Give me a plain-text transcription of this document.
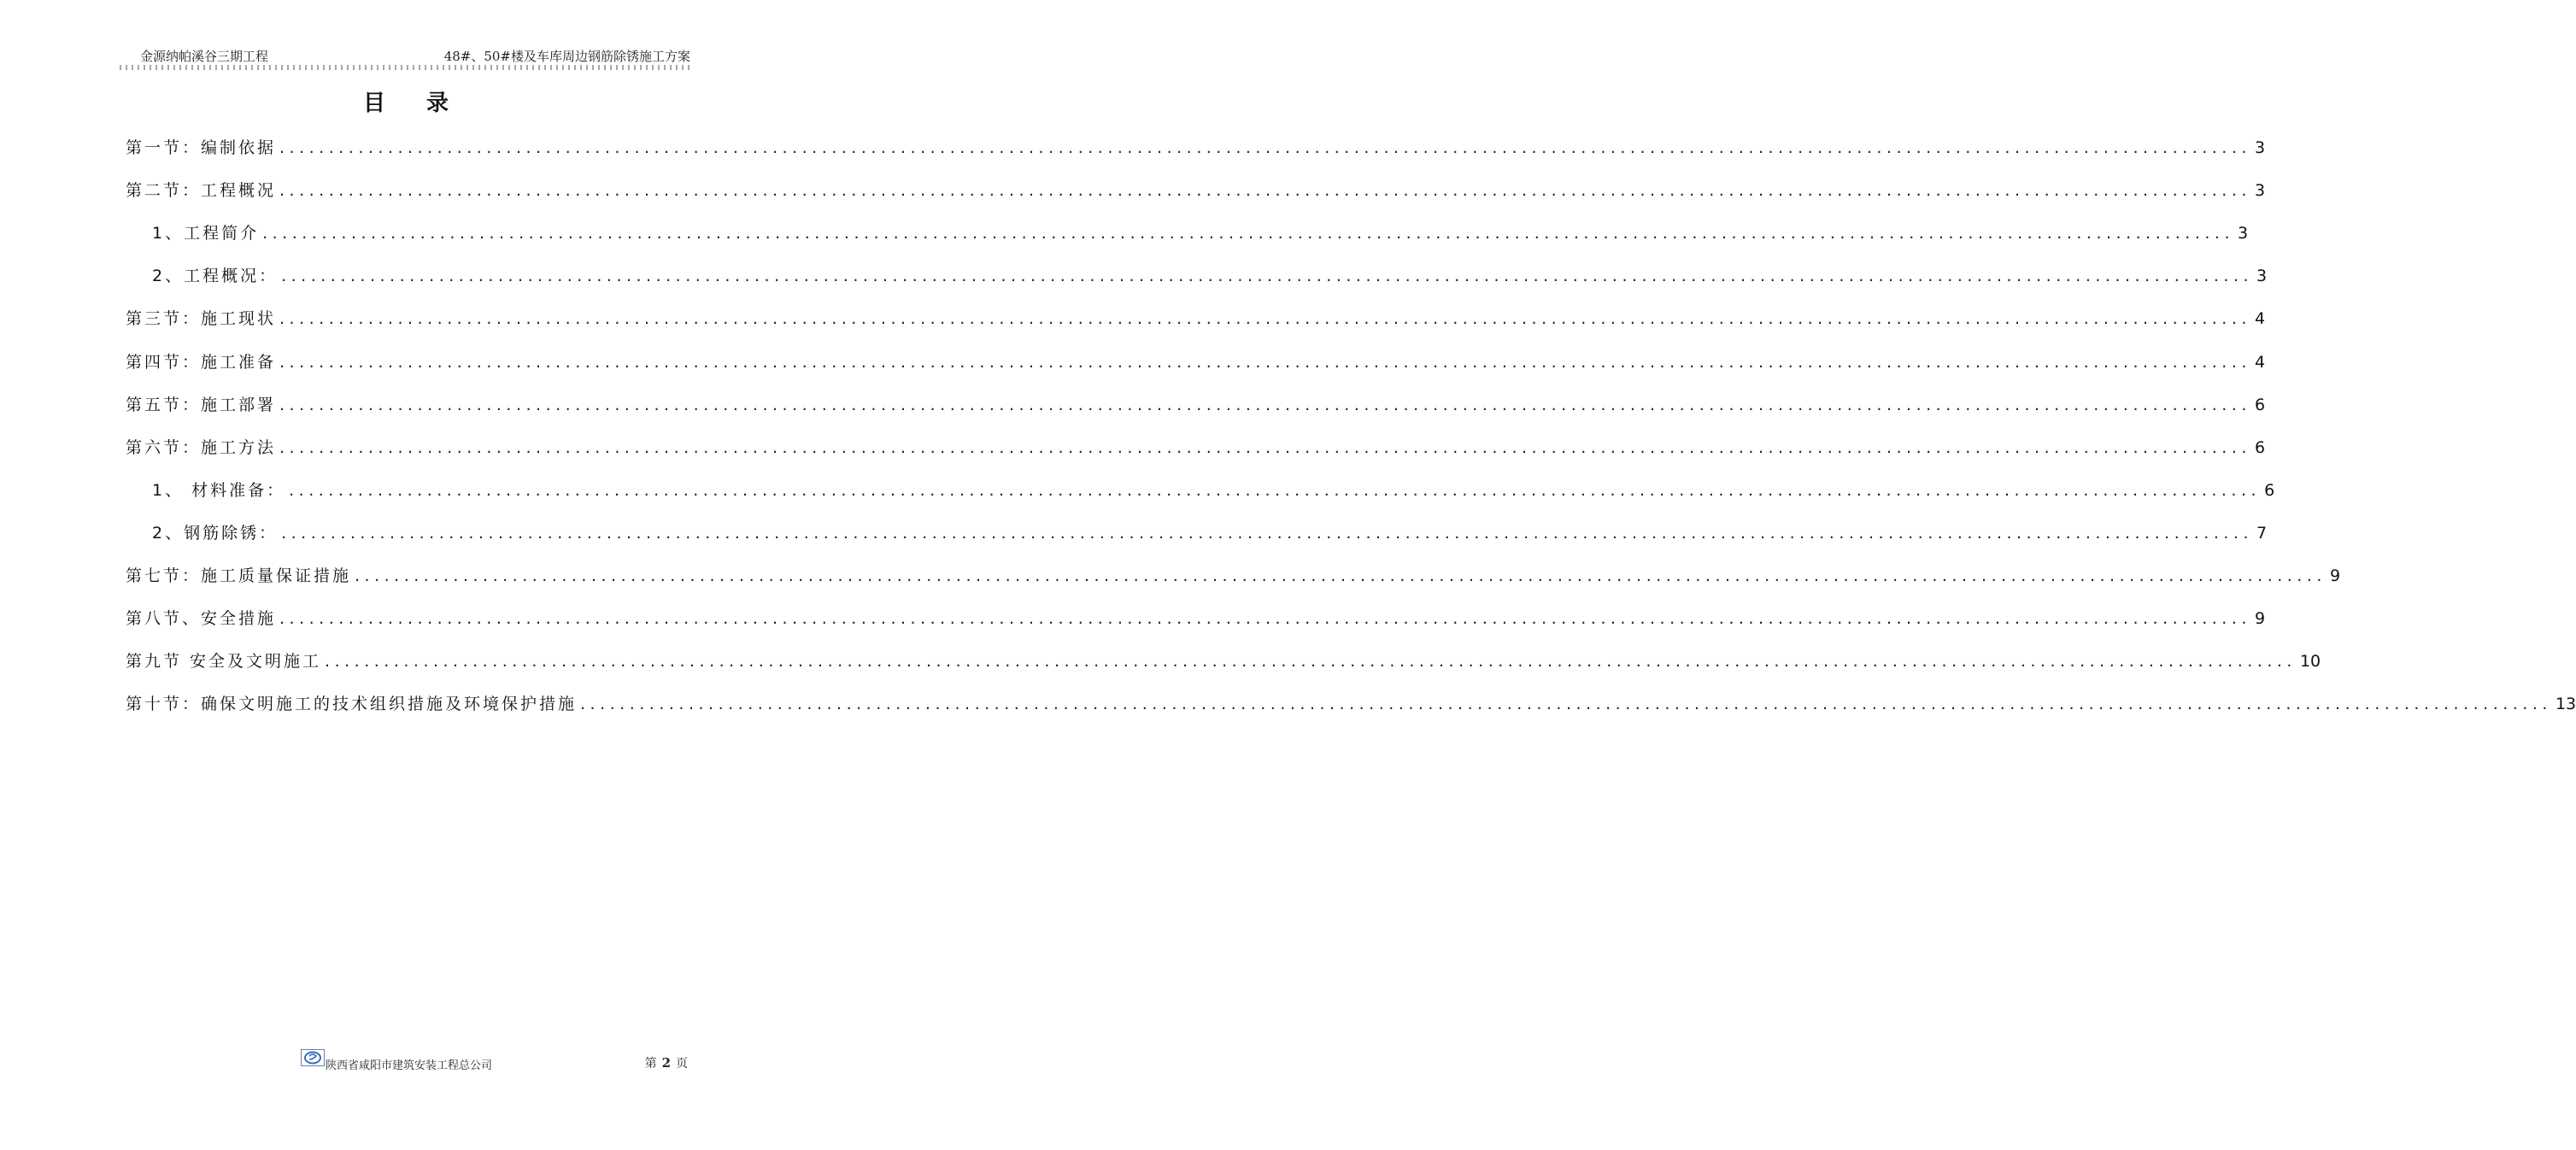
金源纳帕溪谷三期工程	48#、50#楼及车库周边钢筋除锈施工方案
目 录
第一节：编制依据 ........................................................................................................................................................................................................ 3
第二节：工程概况 ........................................................................................................................................................................................................ 3
1、工程简介 ........................................................................................................................................................................................................ 3
2、工程概况： ........................................................................................................................................................................................................ 3
第三节：施工现状 ........................................................................................................................................................................................................ 4
第四节：施工准备 ........................................................................................................................................................................................................ 4
第五节：施工部署 ........................................................................................................................................................................................................ 6
第六节：施工方法 ........................................................................................................................................................................................................ 6
1、 材料准备： ........................................................................................................................................................................................................ 6
2、钢筋除锈： ........................................................................................................................................................................................................ 7
第七节：施工质量保证措施 ........................................................................................................................................................................................................ 9
第八节、安全措施 ........................................................................................................................................................................................................ 9
第九节 安全及文明施工 ........................................................................................................................................................................................................ 10
第十节：确保文明施工的技术组织措施及环境保护措施 ........................................................................................................................................................................................................ 13
陕西省咸阳市建筑安装工程总公司	第 2 页
